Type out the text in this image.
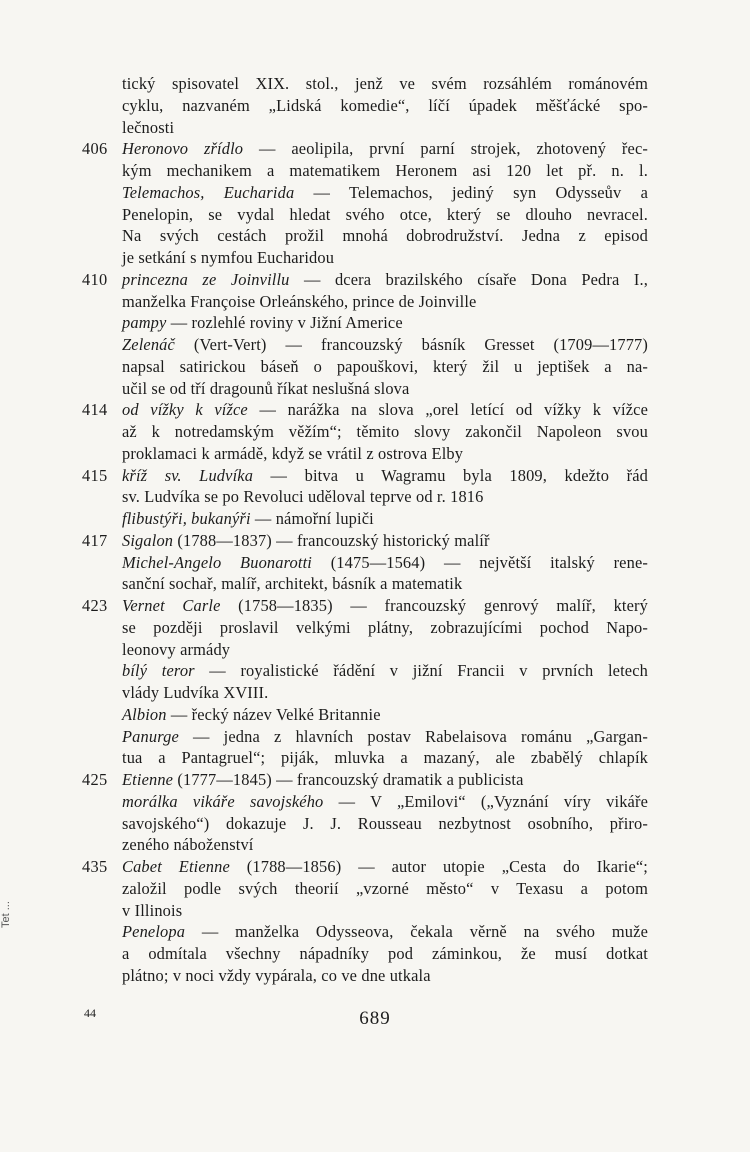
Tet ...
44	689
tický spisovatel XIX. stol., jenž ve svém rozsáhlém románovém
cyklu, nazvaném „Lidská komedie“, líčí úpadek měšťácké spo-
lečnosti
406 Heronovo zřídlo — aeolipila, první parní strojek, zhotovený řec-
kým mechanikem a matematikem Heronem asi 120 let př. n. l.
Telemachos, Eucharida — Telemachos, jediný syn Odysseův a
Penelopin, se vydal hledat svého otce, který se dlouho nevracel.
Na svých cestách prožil mnohá dobrodružství. Jedna z episod
je setkání s nymfou Eucharidou
410 princezna ze Joinvillu — dcera brazilského císaře Dona Pedra I.,
manželka Françoise Orleánského, prince de Joinville
pampy — rozlehlé roviny v Jižní Americe
Zelenáč (Vert-Vert) — francouzský básník Gresset (1709—1777)
napsal satirickou báseň o papouškovi, který žil u jeptišek a na-
učil se od tří dragounů říkat neslušná slova
414 od vížky k vížce — narážka na slova „orel letící od vížky k vížce
až k notredamským věžím“; těmito slovy zakončil Napoleon svou
proklamaci k armádě, když se vrátil z ostrova Elby
415 kříž sv. Ludvíka — bitva u Wagramu byla 1809, kdežto řád
sv. Ludvíka se po Revoluci uděloval teprve od r. 1816
flibustýři, bukanýři — námořní lupiči
417 Sigalon (1788—1837) — francouzský historický malíř
Michel-Angelo Buonarotti (1475—1564) — největší italský rene-
sanční sochař, malíř, architekt, básník a matematik
423 Vernet Carle (1758—1835) — francouzský genrový malíř, který
se později proslavil velkými plátny, zobrazujícími pochod Napo-
leonovy armády
bílý teror — royalistické řádění v jižní Francii v prvních letech
vlády Ludvíka XVIII.
Albion — řecký název Velké Britannie
Panurge — jedna z hlavních postav Rabelaisova románu „Gargan-
tua a Pantagruel“; piják, mluvka a mazaný, ale zbabělý chlapík
425 Etienne (1777—1845) — francouzský dramatik a publicista
morálka vikáře savojského — V „Emilovi“ („Vyznání víry vikáře
savojského“) dokazuje J. J. Rousseau nezbytnost osobního, přiro-
zeného náboženství
435 Cabet Etienne (1788—1856) — autor utopie „Cesta do Ikarie“;
založil podle svých theorií „vzorné město“ v Texasu a potom
v Illinois
Penelopa — manželka Odysseova, čekala věrně na svého muže
a odmítala všechny nápadníky pod záminkou, že musí dotkat
plátno; v noci vždy vypárala, co ve dne utkala
